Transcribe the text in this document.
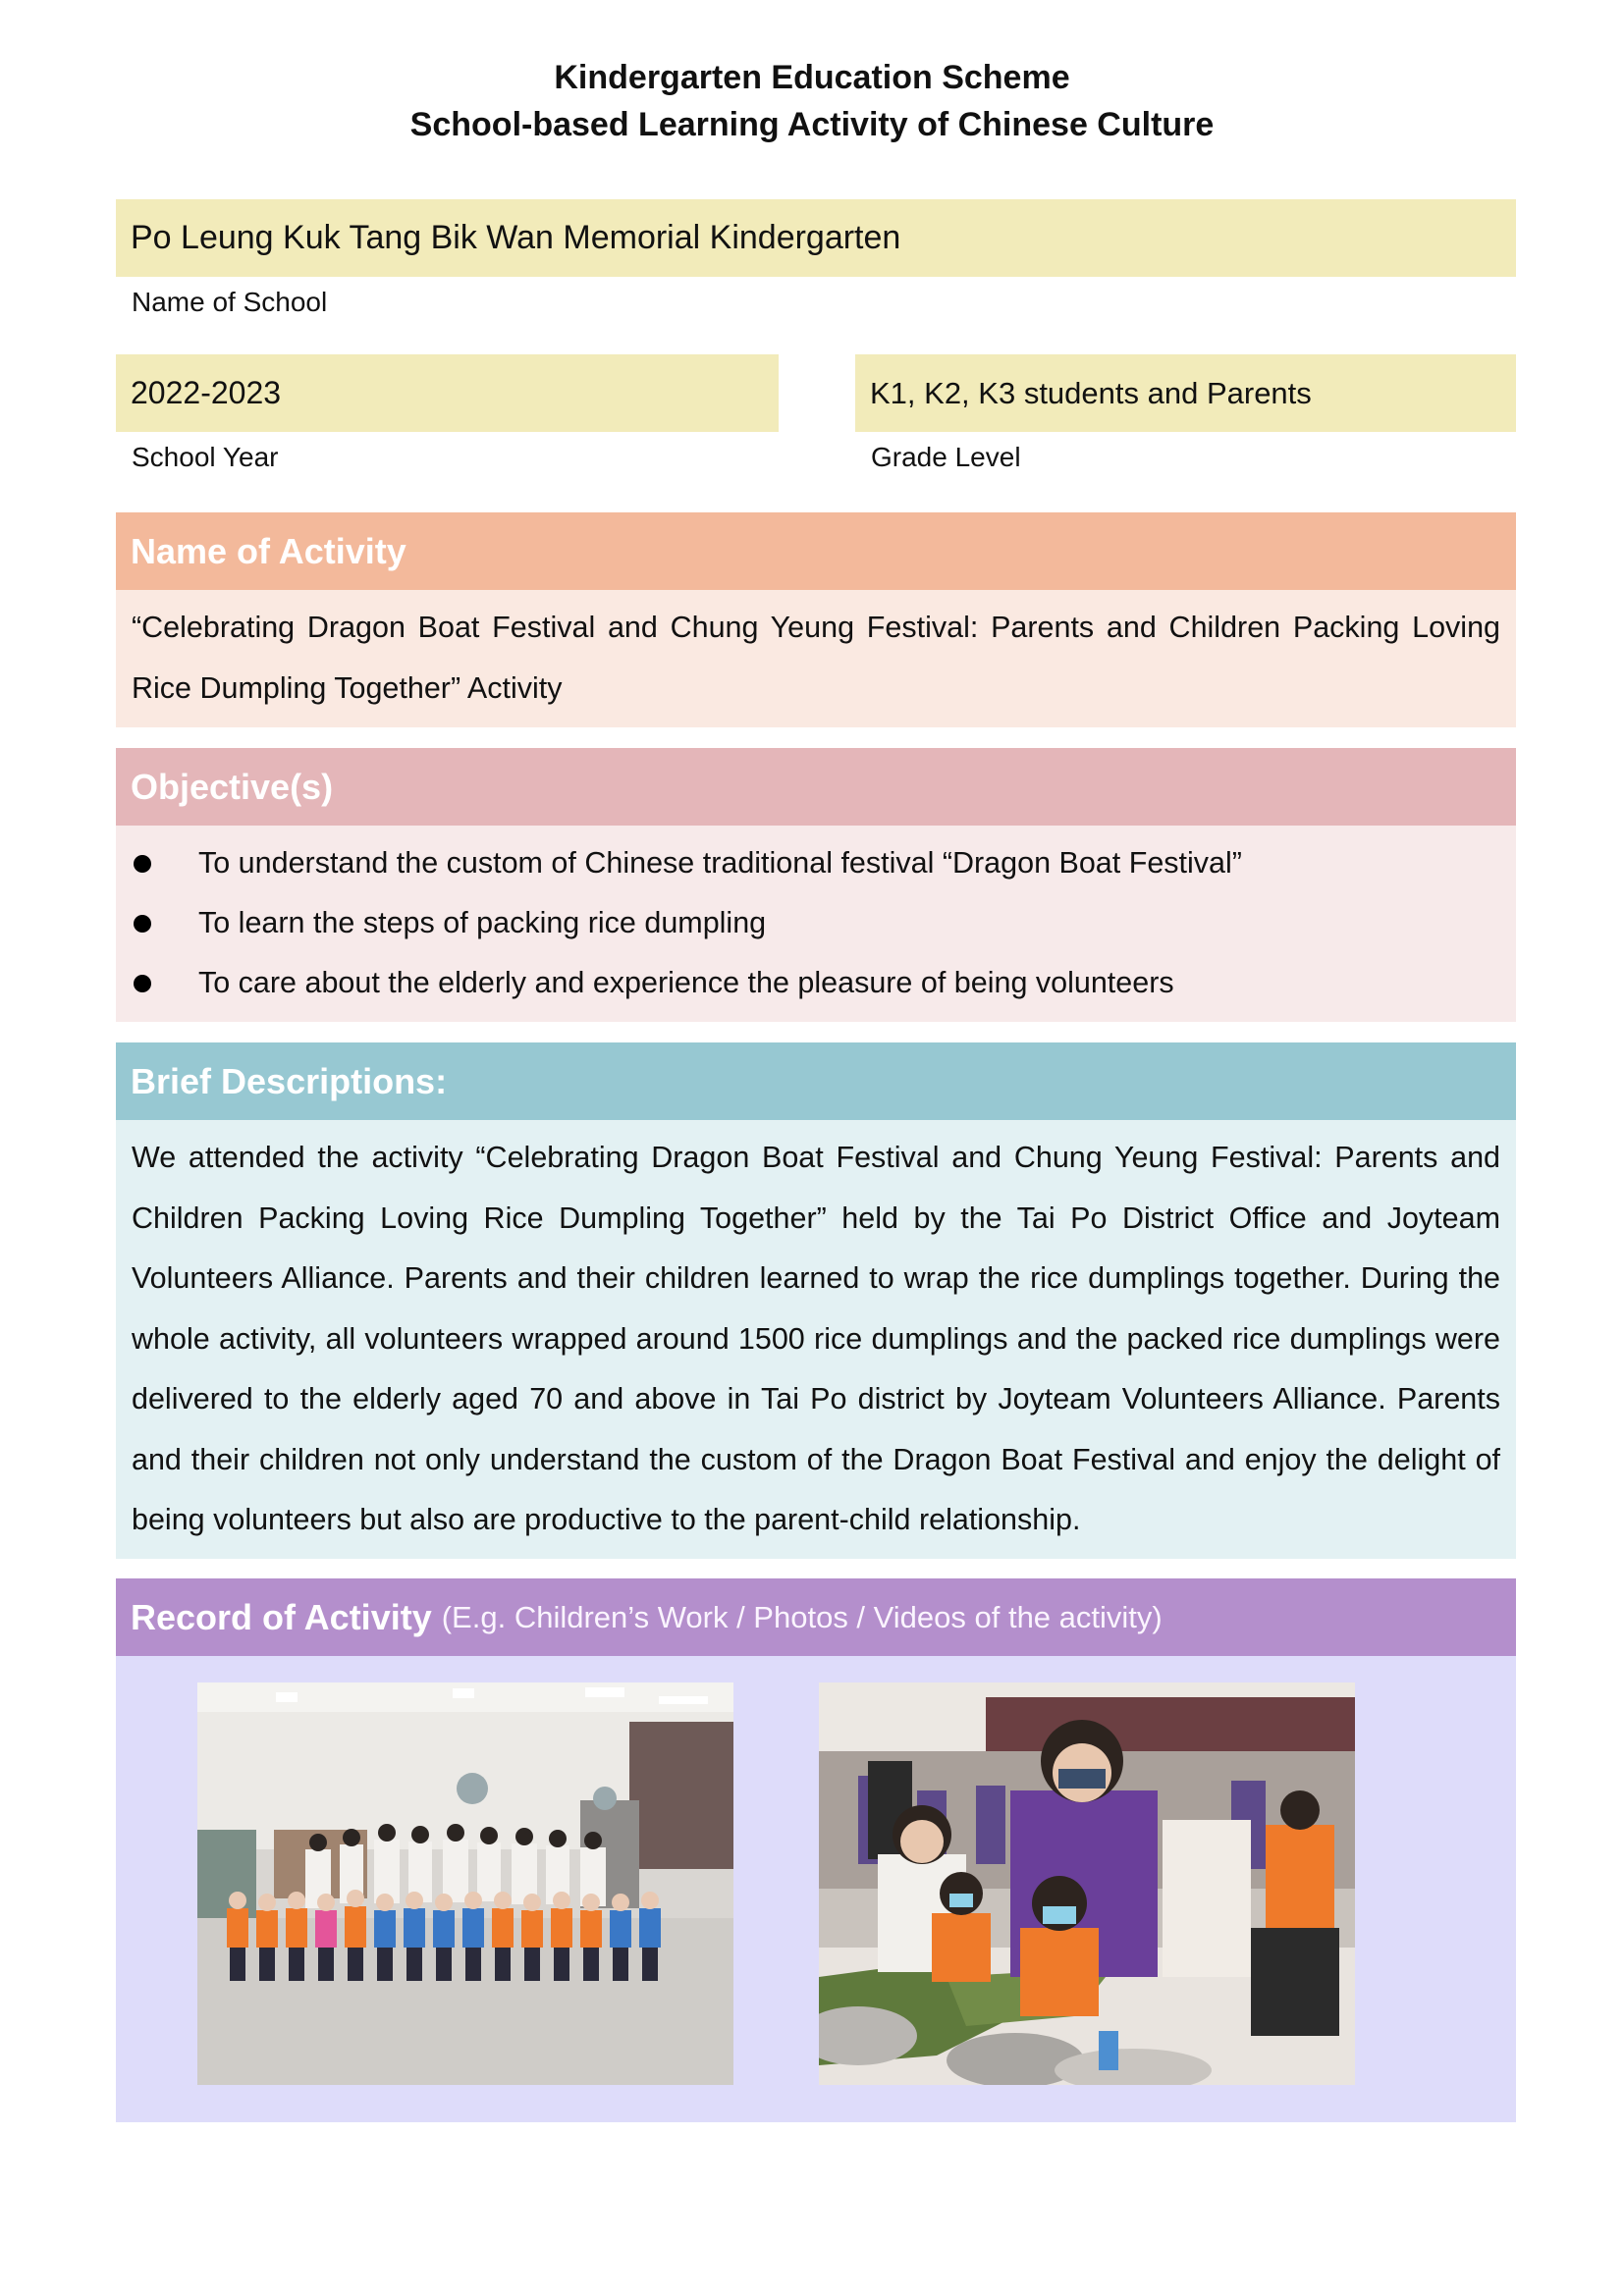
Kindergarten Education Scheme
School-based Learning Activity of Chinese Culture
Po Leung Kuk Tang Bik Wan Memorial Kindergarten
Name of School
2022-2023
School Year
K1, K2, K3 students and Parents
Grade Level
Name of Activity
“Celebrating Dragon Boat Festival and Chung Yeung Festival: Parents and Children Packing Loving Rice Dumpling Together” Activity
Objective(s)
To understand the custom of Chinese traditional festival “Dragon Boat Festival”
To learn the steps of packing rice dumpling
To care about the elderly and experience the pleasure of being volunteers
Brief Descriptions:
We attended the activity “Celebrating Dragon Boat Festival and Chung Yeung Festival: Parents and Children Packing Loving Rice Dumpling Together” held by the Tai Po District Office and Joyteam Volunteers Alliance. Parents and their children learned to wrap the rice dumplings together. During the whole activity, all volunteers wrapped around 1500 rice dumplings and the packed rice dumplings were delivered to the elderly aged 70 and above in Tai Po district by Joyteam Volunteers Alliance. Parents and their children not only understand the custom of the Dragon Boat Festival and enjoy the delight of being volunteers but also are productive to the parent-child relationship.
Record of Activity (E.g. Children’s Work / Photos / Videos of the activity)
